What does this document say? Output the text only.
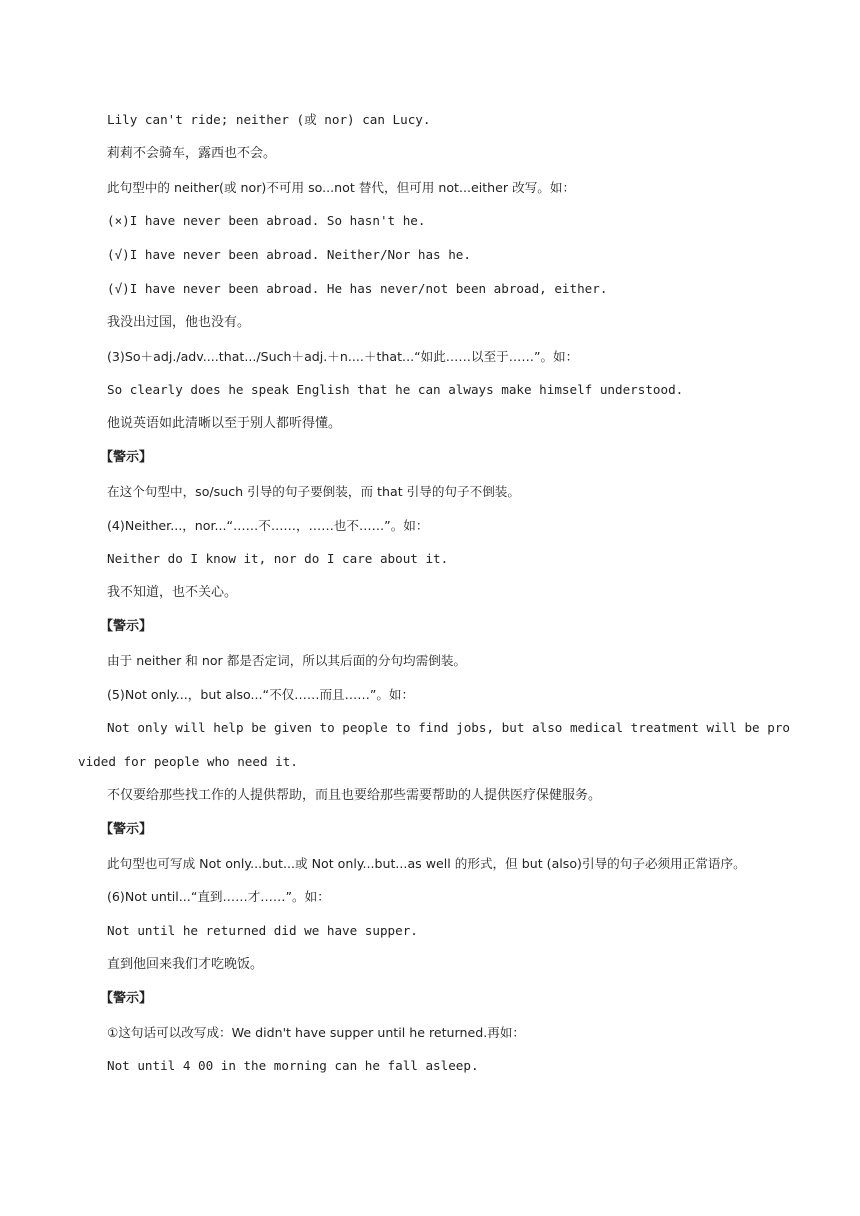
Lily can't ride; neither (或 nor) can Lucy.

莉莉不会骑车，露西也不会。

此句型中的 neither(或 nor)不可用 so...not 替代，但可用 not...either 改写。如：

(×)I have never been abroad. So hasn't he.

(√)I have never been abroad. Neither/Nor has he.

(√)I have never been abroad. He has never/not been abroad, either.

我没出过国，他也没有。

(3)So＋adj./adv....that.../Such＋adj.＋n....＋that...“如此……以至于……”。如：

So clearly does he speak English that he can always make himself understood.

他说英语如此清晰以至于别人都听得懂。

【警示】

在这个句型中，so/such 引导的句子要倒装，而 that 引导的句子不倒装。

(4)Neither...，nor...“……不……，……也不……”。如：

Neither do I know it, nor do I care about it.

我不知道，也不关心。

【警示】

由于 neither 和 nor 都是否定词，所以其后面的分句均需倒装。

(5)Not only...，but also...“不仅……而且……”。如：

Not only will help be given to people to find jobs, but also medical treatment will be provided for people who need it.

不仅要给那些找工作的人提供帮助，而且也要给那些需要帮助的人提供医疗保健服务。

【警示】

此句型也可写成 Not only...but...或 Not only...but...as well 的形式，但 but (also)引导的句子必须用正常语序。

(6)Not until...“直到……才……”。如：

Not until he returned did we have supper.

直到他回来我们才吃晚饭。

【警示】

①这句话可以改写成：We didn't have supper until he returned.再如：

Not until 4 00 in the morning can he fall asleep.
